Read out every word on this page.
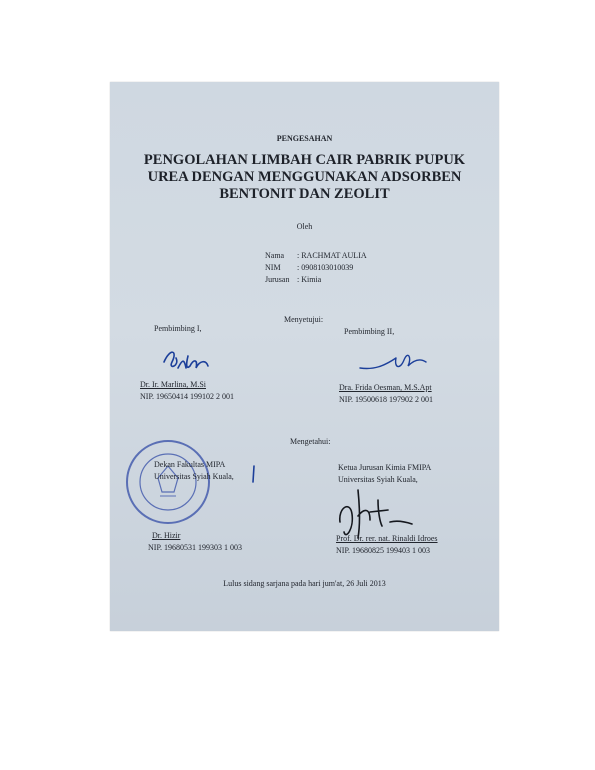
PENGESAHAN
PENGOLAHAN LIMBAH CAIR PABRIK PUPUK
UREA DENGAN MENGGUNAKAN ADSORBEN
BENTONIT DAN ZEOLIT
Oleh
Nama	: RACHMAT AULIA
NIM	: 0908103010039
Jurusan : Kimia
Menyetujui:
Pembimbing I,
Dr. Ir. Marlina, M.Si
NIP. 19650414 199102 2 001
Pembimbing II,
Dra. Frida Oesman, M.S.Apt
NIP. 19500618 197902 2 001
Mengetahui:
Dekan Fakultas MIPA
Universitas Syiah Kuala,
Dr. Hizir
NIP. 19680531 199303 1 003
Ketua Jurusan Kimia FMIPA
Universitas Syiah Kuala,
Prof. Dr. rer. nat. Rinaldi Idroes
NIP. 19680825 199403 1 003
Lulus sidang sarjana pada hari jum'at, 26 Juli 2013
